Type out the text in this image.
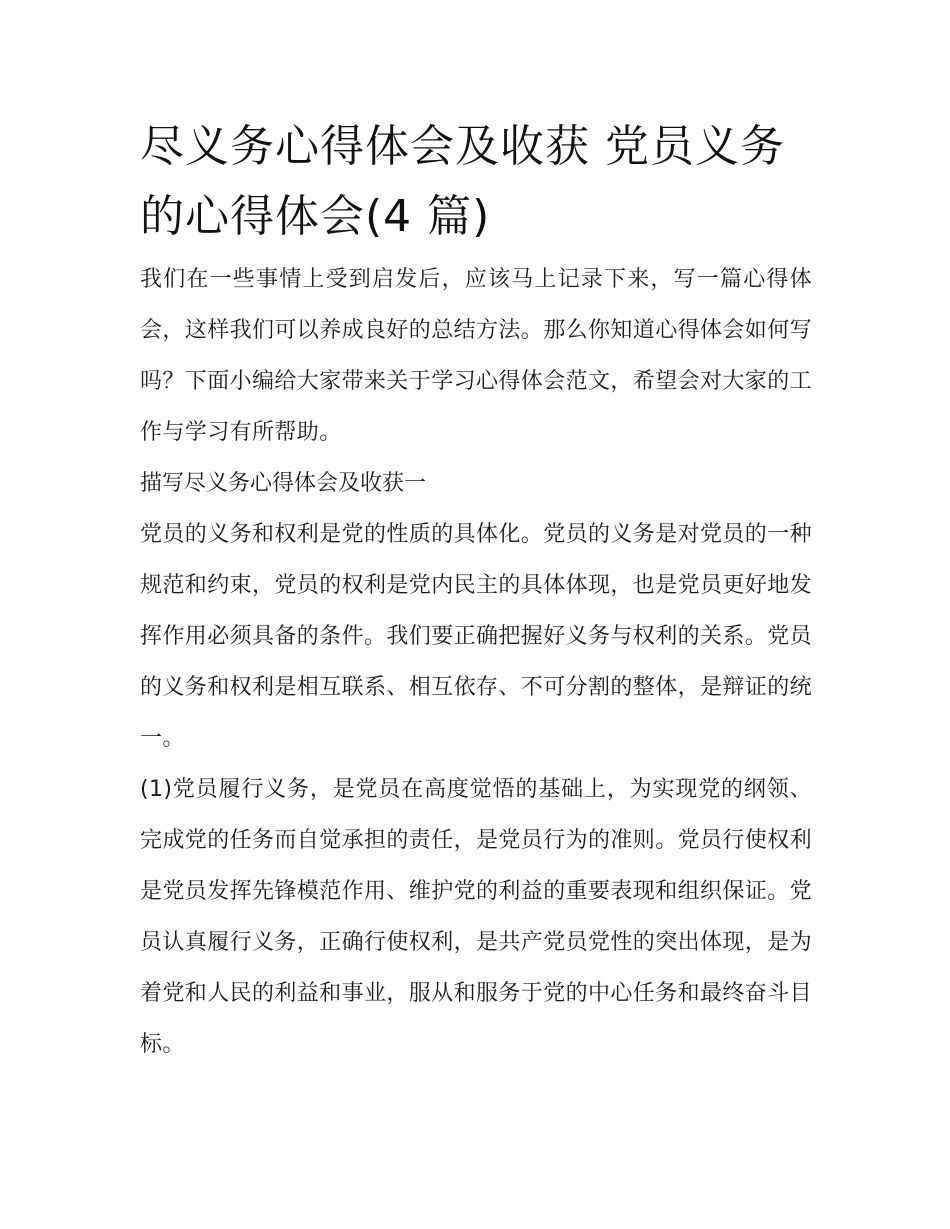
尽义务心得体会及收获 党员义务的心得体会(4 篇)

我们在一些事情上受到启发后，应该马上记录下来，写一篇心得体会，这样我们可以养成良好的总结方法。那么你知道心得体会如何写吗？下面小编给大家带来关于学习心得体会范文，希望会对大家的工作与学习有所帮助。

描写尽义务心得体会及收获一

党员的义务和权利是党的性质的具体化。党员的义务是对党员的一种规范和约束，党员的权利是党内民主的具体体现，也是党员更好地发挥作用必须具备的条件。我们要正确把握好义务与权利的关系。党员的义务和权利是相互联系、相互依存、不可分割的整体，是辩证的统一。

(1)党员履行义务，是党员在高度觉悟的基础上，为实现党的纲领、完成党的任务而自觉承担的责任，是党员行为的准则。党员行使权利是党员发挥先锋模范作用、维护党的利益的重要表现和组织保证。党员认真履行义务，正确行使权利，是共产党员党性的突出体现，是为着党和人民的利益和事业，服从和服务于党的中心任务和最终奋斗目标。
